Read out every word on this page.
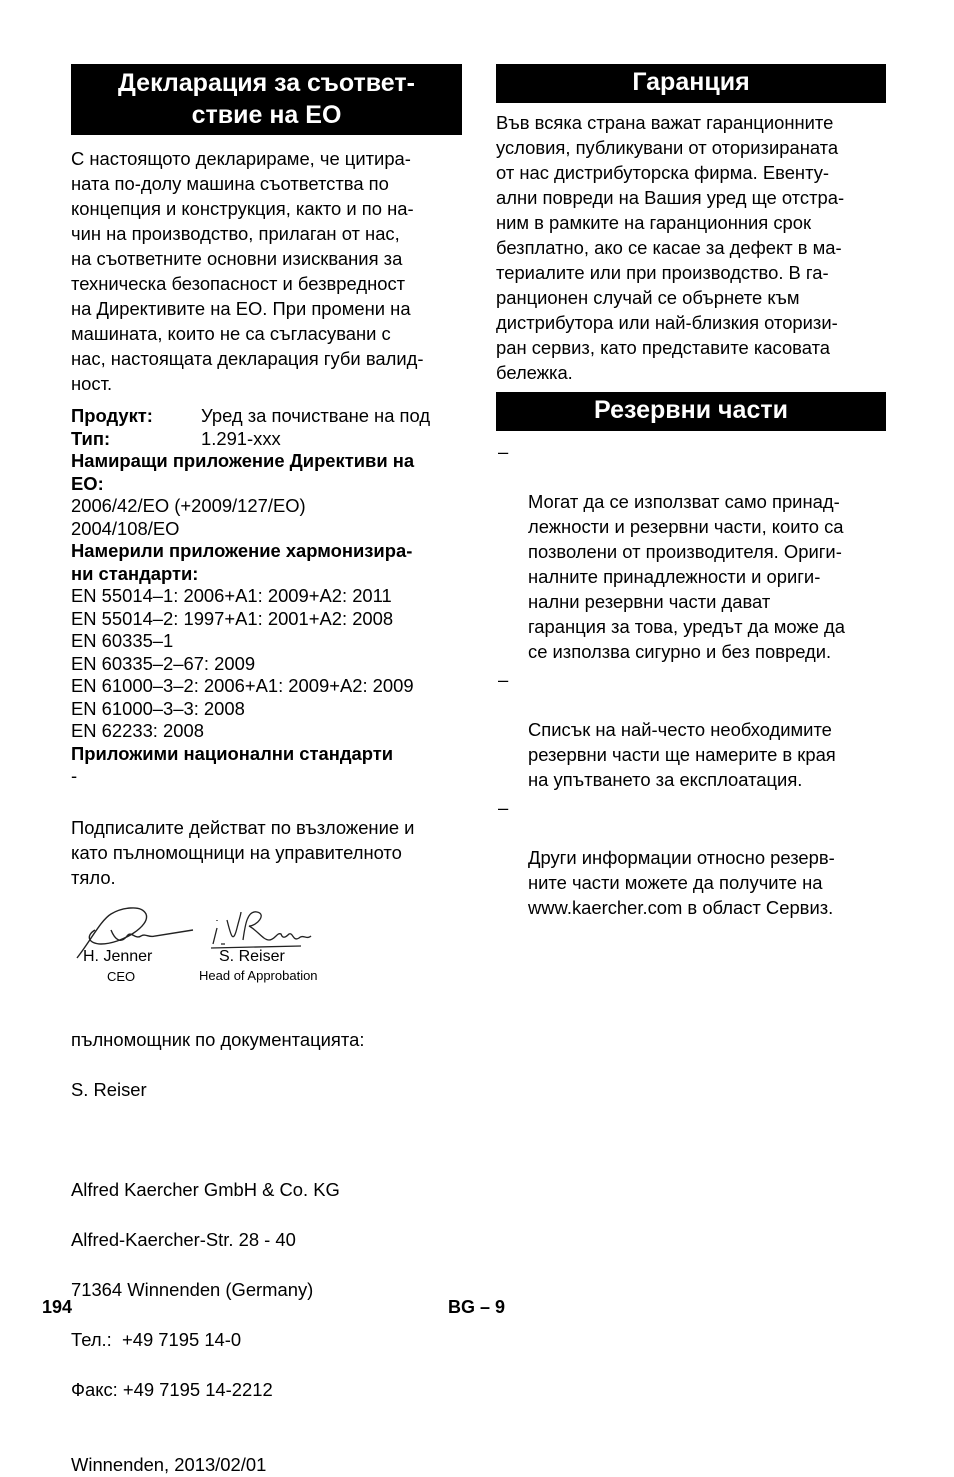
Декларация за съответ-
ствие на ЕО

С настоящото декларираме, че цитира-
ната по-долу машина съответства по
концепция и конструкция, както и по на-
чин на производство, прилаган от нас,
на съответните основни изисквания за
техническа безопасност и безвредност
на Директивите на ЕО. При промени на
машината, които не са съгласувани с
нас, настоящата декларация губи валид-
ност.

Продукт:	Уред за почистване на под
Тип:	1.291-xxx
Намиращи приложение Директиви на
ЕО:
2006/42/ЕО (+2009/127/ЕО)
2004/108/ЕО
Намерили приложение хармонизира-
ни стандарти:
EN 55014–1: 2006+A1: 2009+A2: 2011
EN 55014–2: 1997+A1: 2001+A2: 2008
EN 60335–1
EN 60335–2–67: 2009
EN 61000–3–2: 2006+A1: 2009+A2: 2009
EN 61000–3–3: 2008
EN 62233: 2008
Приложими национални стандарти
-

Подписалите действат по възложение и
като пълномощници на управителното
тяло.

H. Jenner
CEO
S. Reiser
Head of Approbation

пълномощник по документацията:

S. Reiser

Alfred Kaercher GmbH & Co. KG

Alfred-Kaercher-Str. 28 - 40

71364 Winnenden (Germany)

Тел.:  +49 7195 14-0

Факс: +49 7195 14-2212

Winnenden, 2013/02/01
Гаранция

Във всяка страна важат гаранционните
условия, публикувани от оторизираната
от нас дистрибуторска фирма. Евенту-
ални повреди на Вашия уред ще отстра-
ним в рамките на гаранционния срок
безплатно, ако се касае за дефект в ма-
териалите или при производство. В га-
ранционен случай се обърнете към
дистрибутора или най-близкия оторизи-
ран сервиз, като представите касовата
бележка.

Резервни части

–

Могат да се използват само принад-
лежности и резервни части, които са
позволени от производителя. Ориги-
налните принадлежности и ориги-
нални резервни части дават
гаранция за това, уредът да може да
се използва сигурно и без повреди.

–

Списък на най-често необходимите
резервни части ще намерите в края
на упътването за експлоатация.

–

Други информации относно резерв-
ните части можете да получите на
www.kaercher.com в област Сервиз.

194	BG – 9
